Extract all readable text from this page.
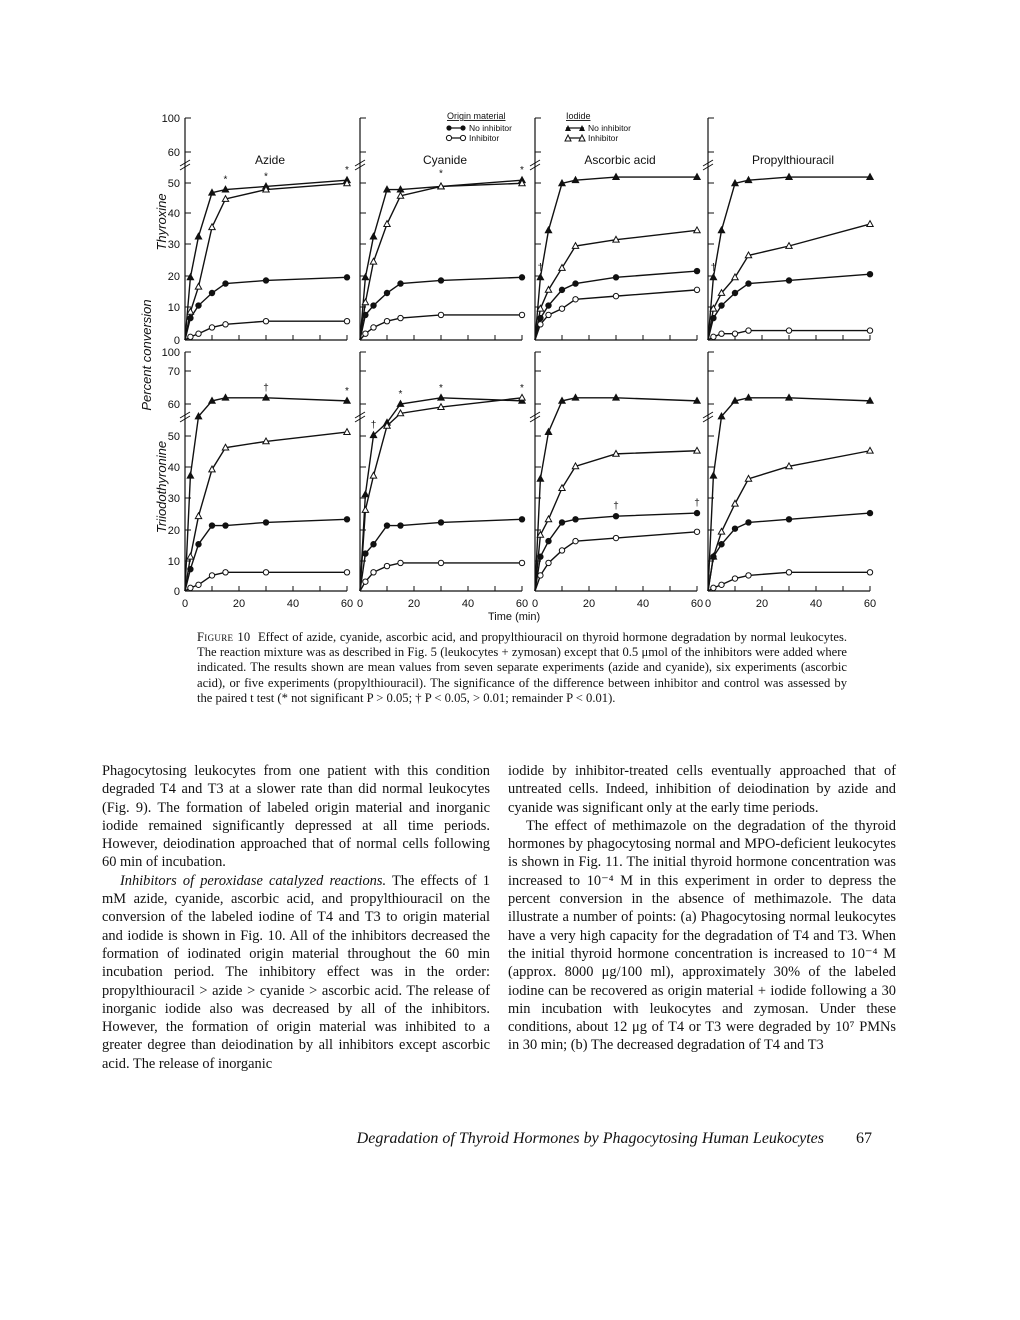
Origin material
No inhibitor
Inhibitor
Iodide
No inhibitor
Inhibitor
Percent conversion
Thyroxine
Triiodothyronine
0	20	40	60 0	20	40	60 0	20	40	60 0	20	40	60
100
60
50
40
30
20
10
0
Azide
*	*
*
Cyanide
*	*
Ascorbic acid
†
Propylthiouracil
†
100
70
60
50
40
30
20
10
0
†	*
†
*
*	*
†	†
Time (min)
Figure 10 Effect of azide, cyanide, ascorbic acid, and propylthiouracil on thyroid hormone degradation by normal leukocytes. The reaction mixture was as described in Fig. 5 (leukocytes + zymosan) except that 0.5 μmol of the inhibitors were added where indicated. The results shown are mean values from seven separate experiments (azide and cyanide), six experiments (ascorbic acid), or five experiments (propylthiouracil). The significance of the difference between inhibitor and control was assessed by the paired t test (* not significant P > 0.05; † P < 0.05, > 0.01; remainder P < 0.01).

Phagocytosing leukocytes from one patient with this condition degraded T4 and T3 at a slower rate than did normal leukocytes (Fig. 9). The formation of labeled origin material and inorganic iodide remained significantly depressed at all time periods. However, deiodination approached that of normal cells following 60 min of incubation.

Inhibitors of peroxidase catalyzed reactions. The effects of 1 mM azide, cyanide, ascorbic acid, and propylthiouracil on the conversion of the labeled iodine of T4 and T3 to origin material and iodide is shown in Fig. 10. All of the inhibitors decreased the formation of iodinated origin material throughout the 60 min incubation period. The inhibitory effect was in the order: propylthiouracil > azide > cyanide > ascorbic acid. The release of inorganic iodide also was decreased by all of the inhibitors. However, the formation of origin material was inhibited to a greater degree than deiodination by all inhibitors except ascorbic acid. The release of inorganic

iodide by inhibitor-treated cells eventually approached that of untreated cells. Indeed, inhibition of deiodination by azide and cyanide was significant only at the early time periods.

The effect of methimazole on the degradation of the thyroid hormones by phagocytosing normal and MPO-deficient leukocytes is shown in Fig. 11. The initial thyroid hormone concentration was increased to 10⁻⁴ M in this experiment in order to depress the percent conversion in the absence of methimazole. The data illustrate a number of points: (a) Phagocytosing normal leukocytes have a very high capacity for the degradation of T4 and T3. When the initial thyroid hormone concentration is increased to 10⁻⁴ M (approx. 8000 μg/100 ml), approximately 30% of the labeled iodine can be recovered as origin material + iodide following a 30 min incubation with leukocytes and zymosan. Under these conditions, about 12 μg of T4 or T3 were degraded by 10⁷ PMNs in 30 min; (b) The decreased degradation of T4 and T3

Degradation of Thyroid Hormones by Phagocytosing Human Leukocytes 67
